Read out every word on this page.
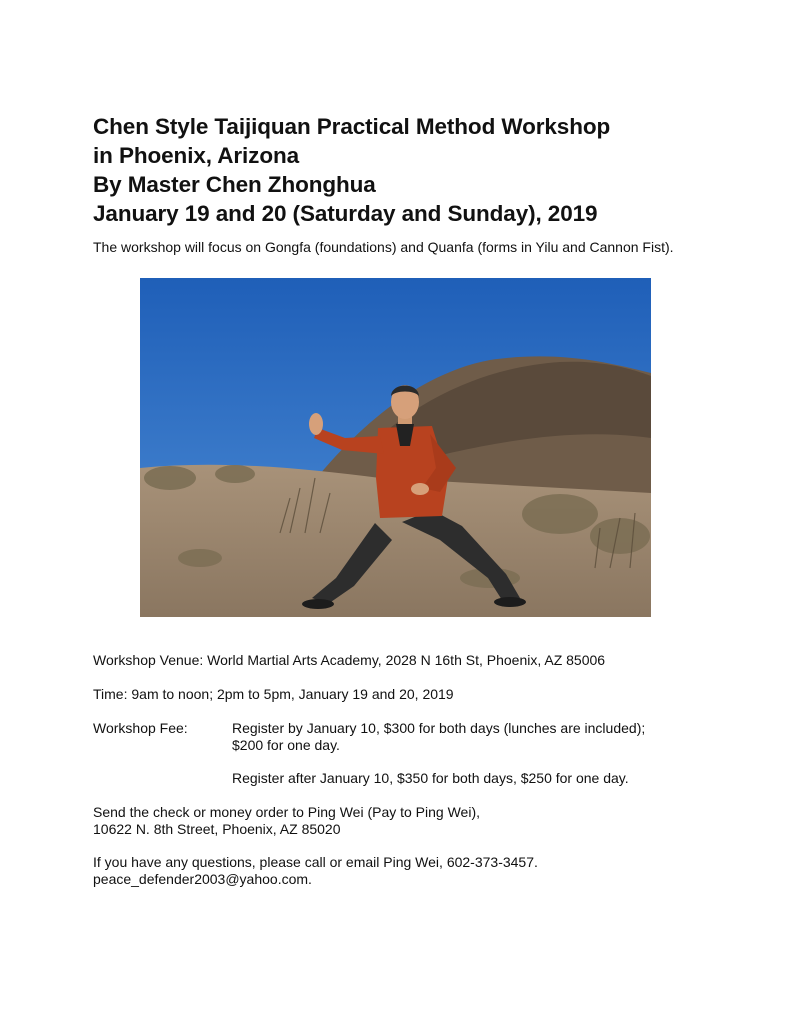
Chen Style Taijiquan Practical Method Workshop
in Phoenix, Arizona
By Master Chen Zhonghua
January 19 and 20 (Saturday and Sunday), 2019
The workshop will focus on Gongfa (foundations) and Quanfa (forms in Yilu and Cannon Fist).
Workshop Venue: World Martial Arts Academy, 2028 N 16th St, Phoenix, AZ 85006
Time: 9am to noon; 2pm to 5pm, January 19 and 20, 2019
Workshop Fee:	Register by January 10, $300 for both days (lunches are included);
$200 for one day.
Register after January 10, $350 for both days, $250 for one day.
Send the check or money order to Ping Wei (Pay to Ping Wei),
10622 N. 8th Street, Phoenix, AZ 85020
If you have any questions, please call or email Ping Wei, 602-373-3457.
peace_defender2003@yahoo.com.
